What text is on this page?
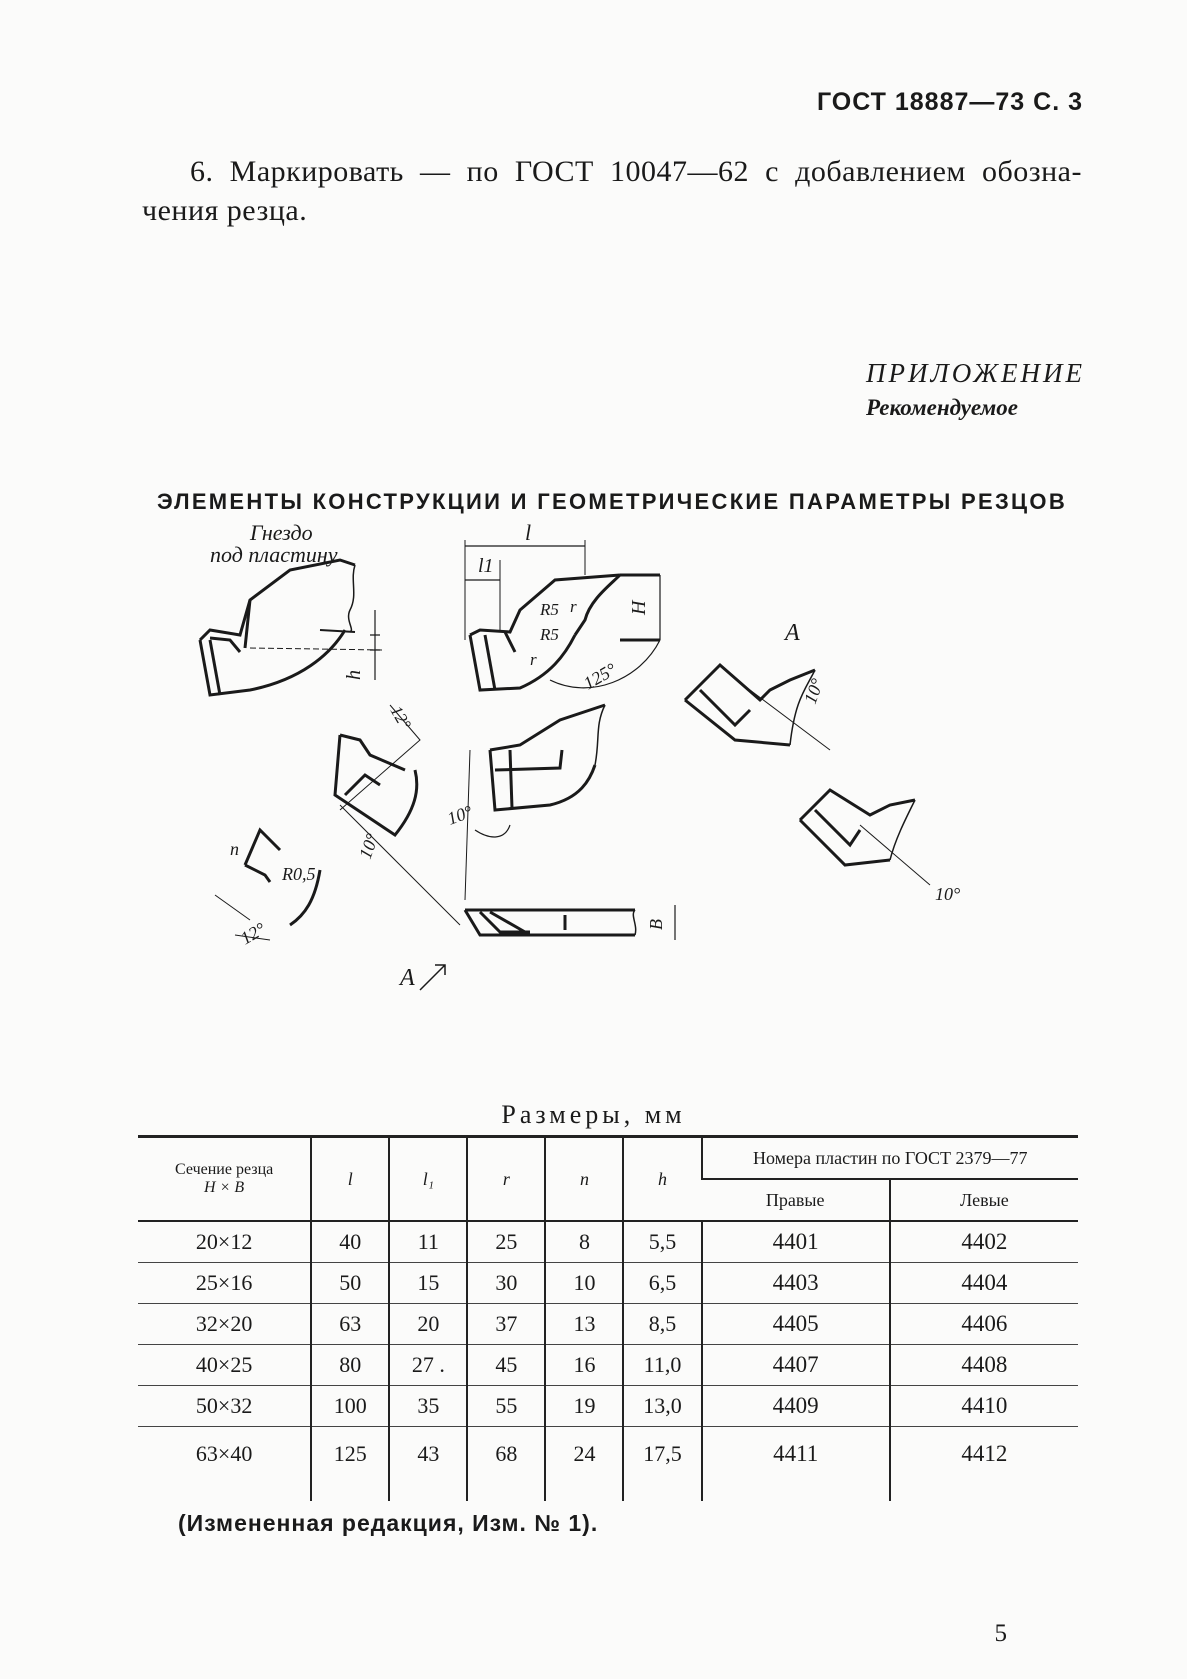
ГОСТ 18887—73 С. 3
6. Маркировать — по ГОСТ 10047—62 с добавлением обозна-
чения резца.
ПРИЛОЖЕНИЕ
Рекомендуемое
ЭЛЕМЕНТЫ КОНСТРУКЦИИ И ГЕОМЕТРИЧЕСКИЕ ПАРАМЕТРЫ РЕЗЦОВ
Гнездо
под пластину
h
l
l1
R5
R5
r
r
H
125°
A
10°
10°
10°
12°
10°
n
R0,5
12°	B
A
Размеры, мм
Сечение резца
H × B	l	l₁	r	n	h	Номера пластин по ГОСТ 2379—77	
						Правые	Левые
20×12	40	11	25	8	5,5	4401	4402
25×16	50	15	30	10	6,5	4403	4404
32×20	63	20	37	13	8,5	4405	4406
40×25	80	27 .	45	16	11,0	4407	4408
50×32	100	35	55	19	13,0	4409	4410
63×40	125	43	68	24	17,5	4411	4412
(Измененная редакция, Изм. № 1).
5
